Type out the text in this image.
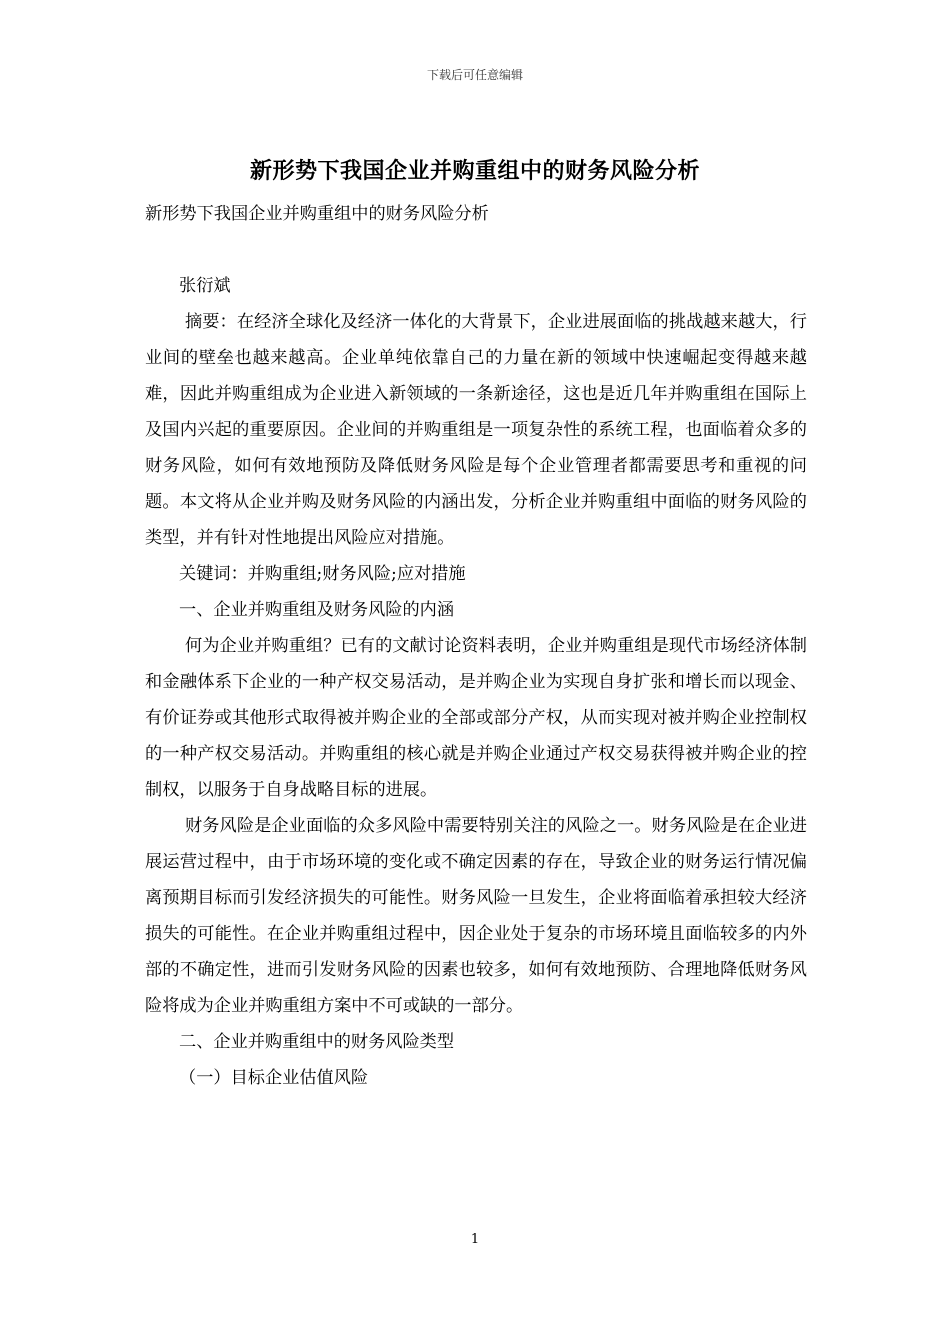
下载后可任意编辑
新形势下我国企业并购重组中的财务风险分析

新形势下我国企业并购重组中的财务风险分析

张衍斌

摘要：在经济全球化及经济一体化的大背景下，企业进展面临的挑战越来越大，行业间的壁垒也越来越高。企业单纯依靠自己的力量在新的领域中快速崛起变得越来越难，因此并购重组成为企业进入新领域的一条新途径，这也是近几年并购重组在国际上及国内兴起的重要原因。企业间的并购重组是一项复杂性的系统工程，也面临着众多的财务风险，如何有效地预防及降低财务风险是每个企业管理者都需要思考和重视的问题。本文将从企业并购及财务风险的内涵出发，分析企业并购重组中面临的财务风险的类型，并有针对性地提出风险应对措施。

关键词：并购重组;财务风险;应对措施

一、企业并购重组及财务风险的内涵

何为企业并购重组？已有的文献讨论资料表明，企业并购重组是现代市场经济体制和金融体系下企业的一种产权交易活动，是并购企业为实现自身扩张和增长而以现金、有价证券或其他形式取得被并购企业的全部或部分产权，从而实现对被并购企业控制权的一种产权交易活动。并购重组的核心就是并购企业通过产权交易获得被并购企业的控制权，以服务于自身战略目标的进展。

财务风险是企业面临的众多风险中需要特别关注的风险之一。财务风险是在企业进展运营过程中，由于市场环境的变化或不确定因素的存在，导致企业的财务运行情况偏离预期目标而引发经济损失的可能性。财务风险一旦发生，企业将面临着承担较大经济损失的可能性。在企业并购重组过程中，因企业处于复杂的市场环境且面临较多的内外部的不确定性，进而引发财务风险的因素也较多，如何有效地预防、合理地降低财务风险将成为企业并购重组方案中不可或缺的一部分。

二、企业并购重组中的财务风险类型

（一）目标企业估值风险

1
